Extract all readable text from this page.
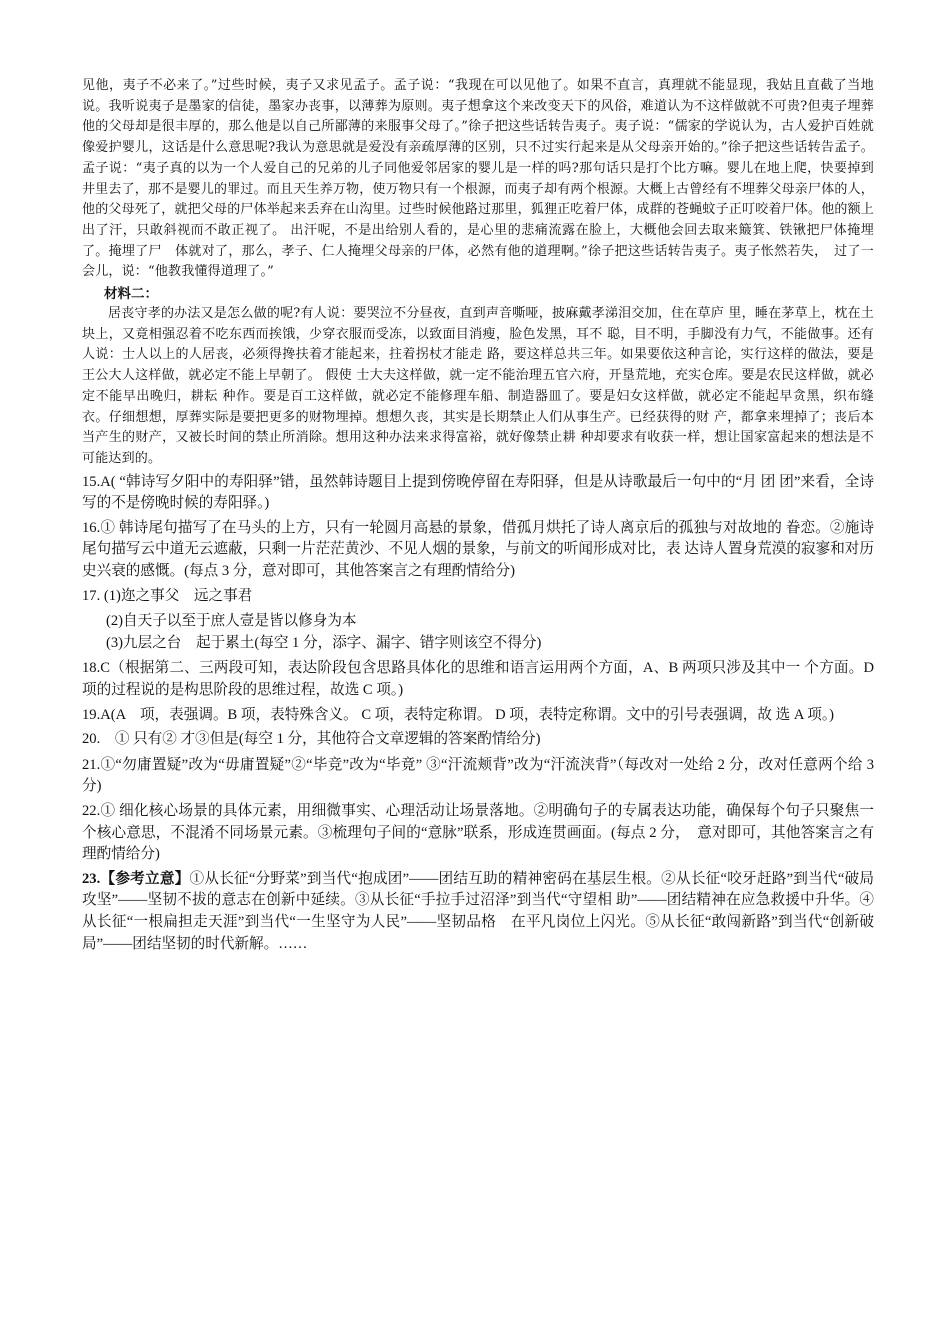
见他，夷子不必来了。”过些时候，夷子又求见孟子。孟子说：“我现在可以见他了。如果不直言，真理就不能显现，我姑且直截了当地说。我听说夷子是墨家的信徒，墨家办丧事，以薄葬为原则。夷子想拿这个来改变天下的风俗，难道认为不这样做就不可贵?但夷子埋葬他的父母却是很丰厚的，那么他是以自己所鄙薄的来服事父母了。”徐子把这些话转告夷子。夷子说：“儒家的学说认为，古人爱护百姓就像爱护婴儿，这话是什么意思呢?我认为意思就是爱没有亲疏厚薄的区别，只不过实行起来是从父母亲开始的。”徐子把这些话转告孟子。孟子说：“夷子真的以为一个人爱自己的兄弟的儿子同他爱邻居家的婴儿是一样的吗?那句话只是打个比方嘛。婴儿在地上爬，快要掉到井里去了，那不是婴儿的罪过。而且天生养万物，使万物只有一个根源，而夷子却有两个根源。大概上古曾经有不埋葬父母亲尸体的人，他的父母死了，就把父母的尸体举起来丢弃在山沟里。过些时候他路过那里，狐狸正吃着尸体，成群的苍蝇蚊子正叮咬着尸体。他的额上出了汗，只敢斜视而不敢正视了。 出汗呢，不是出给别人看的，是心里的悲痛流露在脸上，大概他会回去取来簸箕、铁锹把尸体掩埋了。掩埋了尸　体就对了，那么，孝子、仁人掩埋父母亲的尸体，必然有他的道理啊。”徐子把这些话转告夷子。夷子怅然若失，　过了一会儿，说：“他教我懂得道理了。”

材料二：

居丧守孝的办法又是怎么做的呢?有人说：要哭泣不分昼夜，直到声音嘶哑，披麻戴孝涕泪交加，住在草庐 里，睡在茅草上，枕在土块上，又竟相强忍着不吃东西而挨饿，少穿衣服而受冻，以致面目消瘦，脸色发黑，耳不 聪，目不明，手脚没有力气，不能做事。还有人说：士人以上的人居丧，必须得搀扶着才能起来，拄着拐杖才能走 路，要这样总共三年。如果要依这种言论，实行这样的做法，要是王公大人这样做，就必定不能上早朝了。 假使 士大夫这样做，就一定不能治理五官六府，开垦荒地，充实仓库。要是农民这样做，就必定不能早出晚归，耕耘 种作。要是百工这样做，就必定不能修理车船、制造器皿了。要是妇女这样做，就必定不能起早贪黑，织布缝 衣。仔细想想，厚葬实际是要把更多的财物埋掉。想想久丧，其实是长期禁止人们从事生产。已经获得的财 产，都拿来埋掉了；丧后本当产生的财产，又被长时间的禁止所消除。想用这种办法来求得富裕，就好像禁止耕 种却要求有收获一样，想让国家富起来的想法是不可能达到的。

15.A( “韩诗写夕阳中的寿阳驿”错，虽然韩诗题目上提到傍晚停留在寿阳驿，但是从诗歌最后一句中的“月 团 团”来看，全诗写的不是傍晚时候的寿阳驿。)

16.① 韩诗尾句描写了在马头的上方，只有一轮圆月高悬的景象，借孤月烘托了诗人离京后的孤独与对故地的 眷恋。②施诗尾句描写云中道无云遮蔽，只剩一片茫茫黄沙、不见人烟的景象，与前文的听闻形成对比，表 达诗人置身荒漠的寂寥和对历史兴衰的感慨。(每点 3 分，意对即可，其他答案言之有理酌情给分)

17. (1)迩之事父　远之事君

(2)自天子以至于庶人壹是皆以修身为本

(3)九层之台　起于累土(每空 1 分，添字、漏字、错字则该空不得分)

18.C（根据第二、三两段可知，表达阶段包含思路具体化的思维和语言运用两个方面，A、B 两项只涉及其中一 个方面。D 项的过程说的是构思阶段的思维过程，故选 C 项。)

19.A(A　项，表强调。B 项，表特殊含义。 C 项，表特定称谓。 D 项，表特定称谓。文中的引号表强调，故 选 A 项。)

20.　① 只有② 才③但是(每空 1 分，其他符合文章逻辑的答案酌情给分)

21.①“勿庸置疑”改为“毋庸置疑”②“毕竞”改为“毕竟” ③“汗流颊背”改为“汗流浃背”（每改对一处给 2 分，改对任意两个给 3 分)

22.① 细化核心场景的具体元素，用细微事实、心理活动让场景落地。②明确句子的专属表达功能，确保每个句子只聚焦一个核心意思，不混淆不同场景元素。③梳理句子间的“意脉”联系，形成连贯画面。(每点 2 分，　意对即可，其他答案言之有理酌情给分)

23.【参考立意】①从长征“分野菜”到当代“抱成团”——团结互助的精神密码在基层生根。②从长征“咬牙赶路”到当代“破局攻坚”——坚韧不拔的意志在创新中延续。③从长征“手拉手过沼泽”到当代“守望相 助”——团结精神在应急救援中升华。④从长征“一根扁担走天涯”到当代“一生坚守为人民”——坚韧品格　在平凡岗位上闪光。⑤从长征“敢闯新路”到当代“创新破局”——团结坚韧的时代新解。……
